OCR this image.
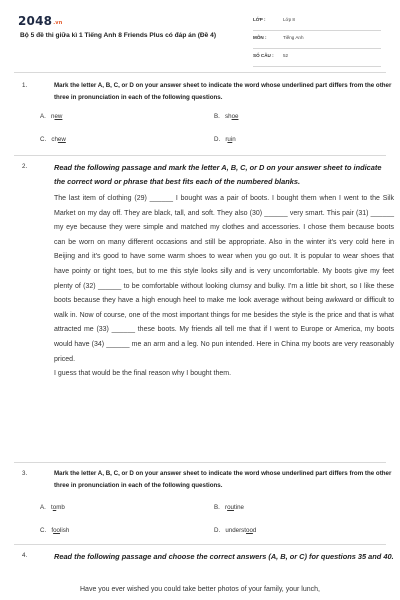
2048.vn
Bộ 5 đề thi giữa kì 1 Tiếng Anh 8 Friends Plus có đáp án (Đề 4)
LỚP :	Lớp 8
MÔN :	Tiếng Anh
SỐ CÂU : 52
1.	Mark the letter A, B, C, or D on your answer sheet to indicate the word whose underlined part differs from the other three in pronunciation in each of the following questions.
A. new	B. shoe
C. chew	D. ruin
2.	Read the following passage and mark the letter A, B, C, or D on your answer sheet to indicate the correct word or phrase that best fits each of the numbered blanks.

The last item of clothing (29) ______ I bought was a pair of boots. I bought them when I went to the Silk Market on my day off. They are black, tall, and soft. They also (30) ______ very smart. This pair (31) ______ my eye because they were simple and matched my clothes and accessories. I chose them because boots can be worn on many different occasions and still be appropriate. Also in the winter it's very cold here in Beijing and it's good to have some warm shoes to wear when you go out. It is popular to wear shoes that have pointy or tight toes, but to me this style looks silly and is very uncomfortable. My boots give my feet plenty of (32) ______ to be comfortable without looking clumsy and bulky. I'm a little bit short, so I like these boots because they have a high enough heel to make me look average without being awkward or difficult to walk in. Now of course, one of the most important things for me besides the style is the price and that is what attracted me (33) ______ these boots. My friends all tell me that if I went to Europe or America, my boots would have (34) ______ me an arm and a leg. No pun intended. Here in China my boots are very reasonably priced.

I guess that would be the final reason why I bought them.

3.	Mark the letter A, B, C, or D on your answer sheet to indicate the word whose underlined part differs from the other three in pronunciation in each of the following questions.
A. tomb	B. routine
C. foolish	D. understood
4.	Read the following passage and choose the correct answers (A, B, or C) for questions 35 and 40.
Have you ever wished you could take better photos of your family, your lunch,
